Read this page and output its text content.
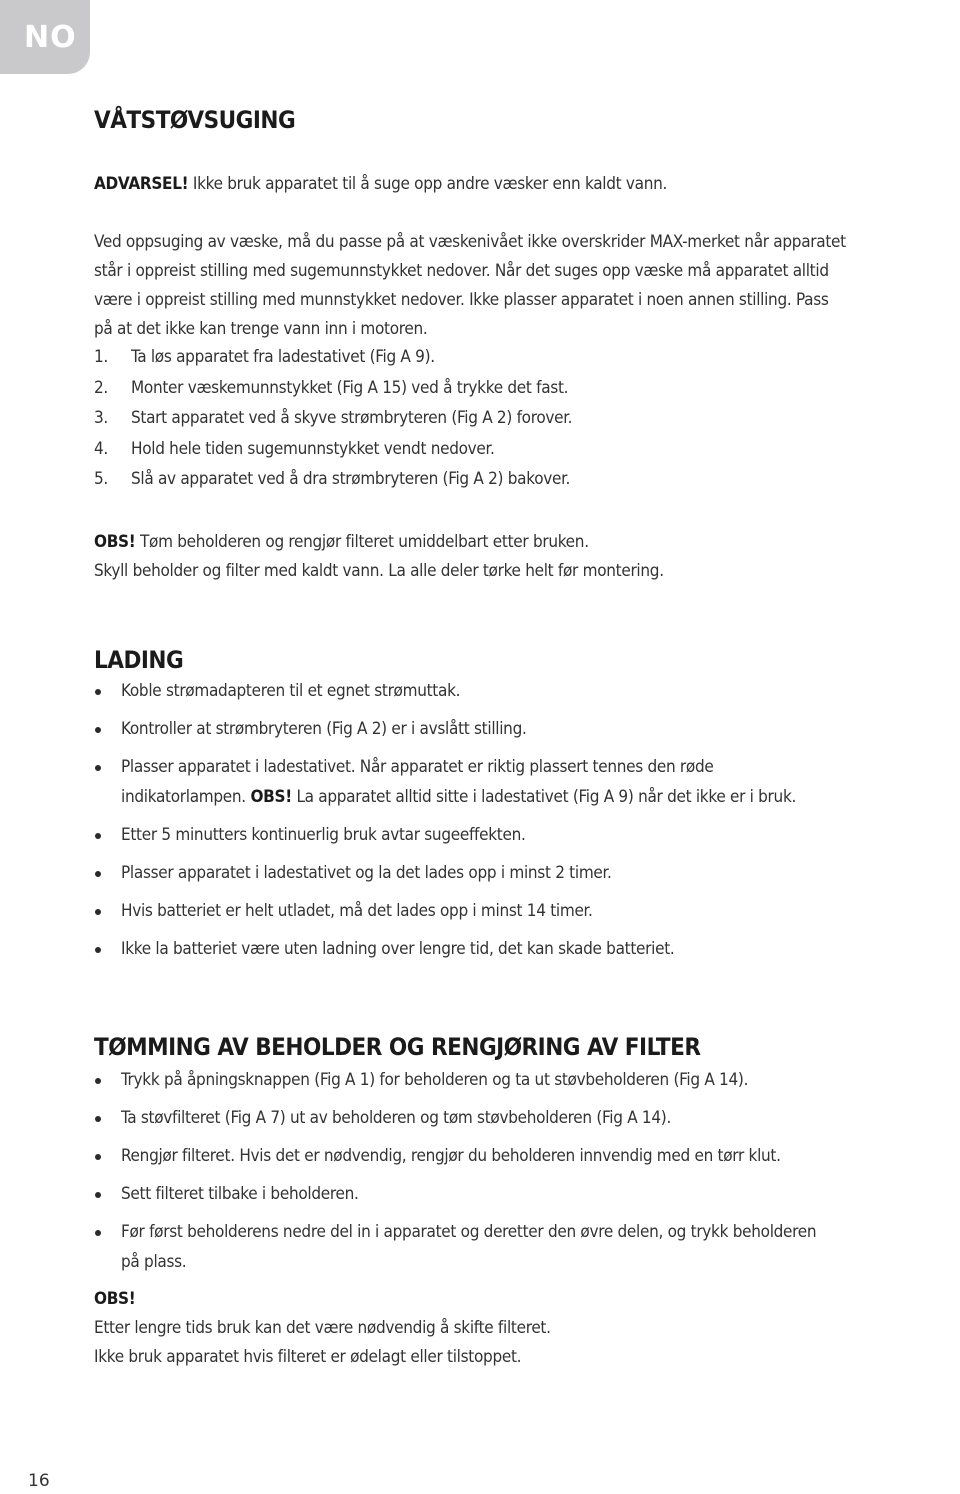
NO
VÅTSTØVSUGING
ADVARSEL! Ikke bruk apparatet til å suge opp andre væsker enn kaldt vann.
Ved oppsuging av væske, må du passe på at væskenivået ikke overskrider MAX-merket når apparatet
står i oppreist stilling med sugemunnstykket nedover. Når det suges opp væske må apparatet alltid
være i oppreist stilling med munnstykket nedover. Ikke plasser apparatet i noen annen stilling. Pass
på at det ikke kan trenge vann inn i motoren.
1. Ta løs apparatet fra ladestativet (Fig A 9).
2. Monter væskemunnstykket (Fig A 15) ved å trykke det fast.
3. Start apparatet ved å skyve strømbryteren (Fig A 2) forover.
4. Hold hele tiden sugemunnstykket vendt nedover.
5. Slå av apparatet ved å dra strømbryteren (Fig A 2) bakover.
OBS! Tøm beholderen og rengjør filteret umiddelbart etter bruken.
Skyll beholder og filter med kaldt vann. La alle deler tørke helt før montering.
LADING
Koble strømadapteren til et egnet strømuttak.
Kontroller at strømbryteren (Fig A 2) er i avslått stilling.
Plasser apparatet i ladestativet. Når apparatet er riktig plassert tennes den røde
indikatorlampen. OBS! La apparatet alltid sitte i ladestativet (Fig A 9) når det ikke er i bruk.
Etter 5 minutters kontinuerlig bruk avtar sugeeffekten.
Plasser apparatet i ladestativet og la det lades opp i minst 2 timer.
Hvis batteriet er helt utladet, må det lades opp i minst 14 timer.
Ikke la batteriet være uten ladning over lengre tid, det kan skade batteriet.
TØMMING AV BEHOLDER OG RENGJØRING AV FILTER
Trykk på åpningsknappen (Fig A 1) for beholderen og ta ut støvbeholderen (Fig A 14).
Ta støvfilteret (Fig A 7) ut av beholderen og tøm støvbeholderen (Fig A 14).
Rengjør filteret. Hvis det er nødvendig, rengjør du beholderen innvendig med en tørr klut.
Sett filteret tilbake i beholderen.
Før først beholderens nedre del in i apparatet og deretter den øvre delen, og trykk beholderen
på plass.
OBS!
Etter lengre tids bruk kan det være nødvendig å skifte filteret.
Ikke bruk apparatet hvis filteret er ødelagt eller tilstoppet.
16
